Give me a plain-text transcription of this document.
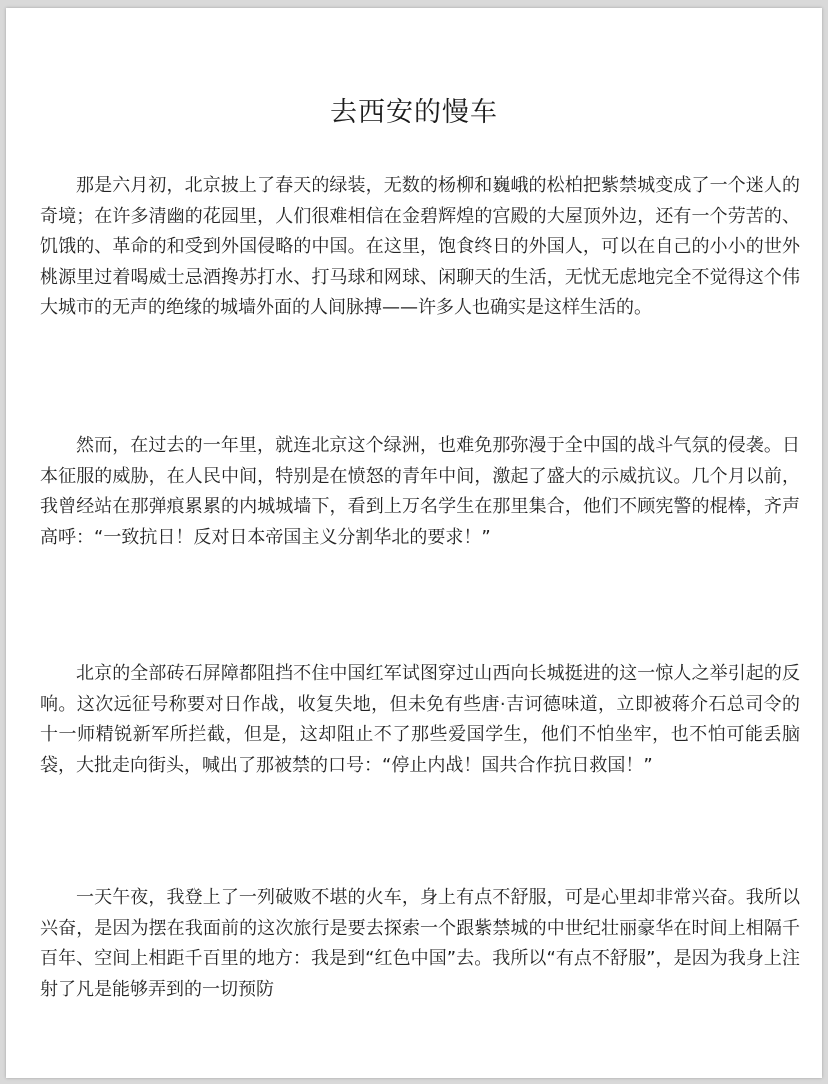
去西安的慢车

那是六月初，北京披上了春天的绿装，无数的杨柳和巍峨的松柏把紫禁城变成了一个迷人的奇境；在许多清幽的花园里，人们很难相信在金碧辉煌的宫殿的大屋顶外边，还有一个劳苦的、饥饿的、革命的和受到外国侵略的中国。在这里，饱食终日的外国人，可以在自己的小小的世外桃源里过着喝威士忌酒搀苏打水、打马球和网球、闲聊天的生活，无忧无虑地完全不觉得这个伟大城市的无声的绝缘的城墙外面的人间脉搏——许多人也确实是这样生活的。

然而，在过去的一年里，就连北京这个绿洲，也难免那弥漫于全中国的战斗气氛的侵袭。日本征服的威胁，在人民中间，特别是在愤怒的青年中间，激起了盛大的示威抗议。几个月以前，我曾经站在那弹痕累累的内城城墙下，看到上万名学生在那里集合，他们不顾宪警的棍棒，齐声高呼：“一致抗日！反对日本帝国主义分割华北的要求！”

北京的全部砖石屏障都阻挡不住中国红军试图穿过山西向长城挺进的这一惊人之举引起的反响。这次远征号称要对日作战，收复失地，但未免有些唐·吉诃德味道，立即被蒋介石总司令的十一师精锐新军所拦截，但是，这却阻止不了那些爱国学生，他们不怕坐牢，也不怕可能丢脑袋，大批走向街头，喊出了那被禁的口号：“停止内战！国共合作抗日救国！”

一天午夜，我登上了一列破败不堪的火车，身上有点不舒服，可是心里却非常兴奋。我所以兴奋，是因为摆在我面前的这次旅行是要去探索一个跟紫禁城的中世纪壮丽豪华在时间上相隔千百年、空间上相距千百里的地方：我是到“红色中国”去。我所以“有点不舒服”，是因为我身上注射了凡是能够弄到的一切预防
